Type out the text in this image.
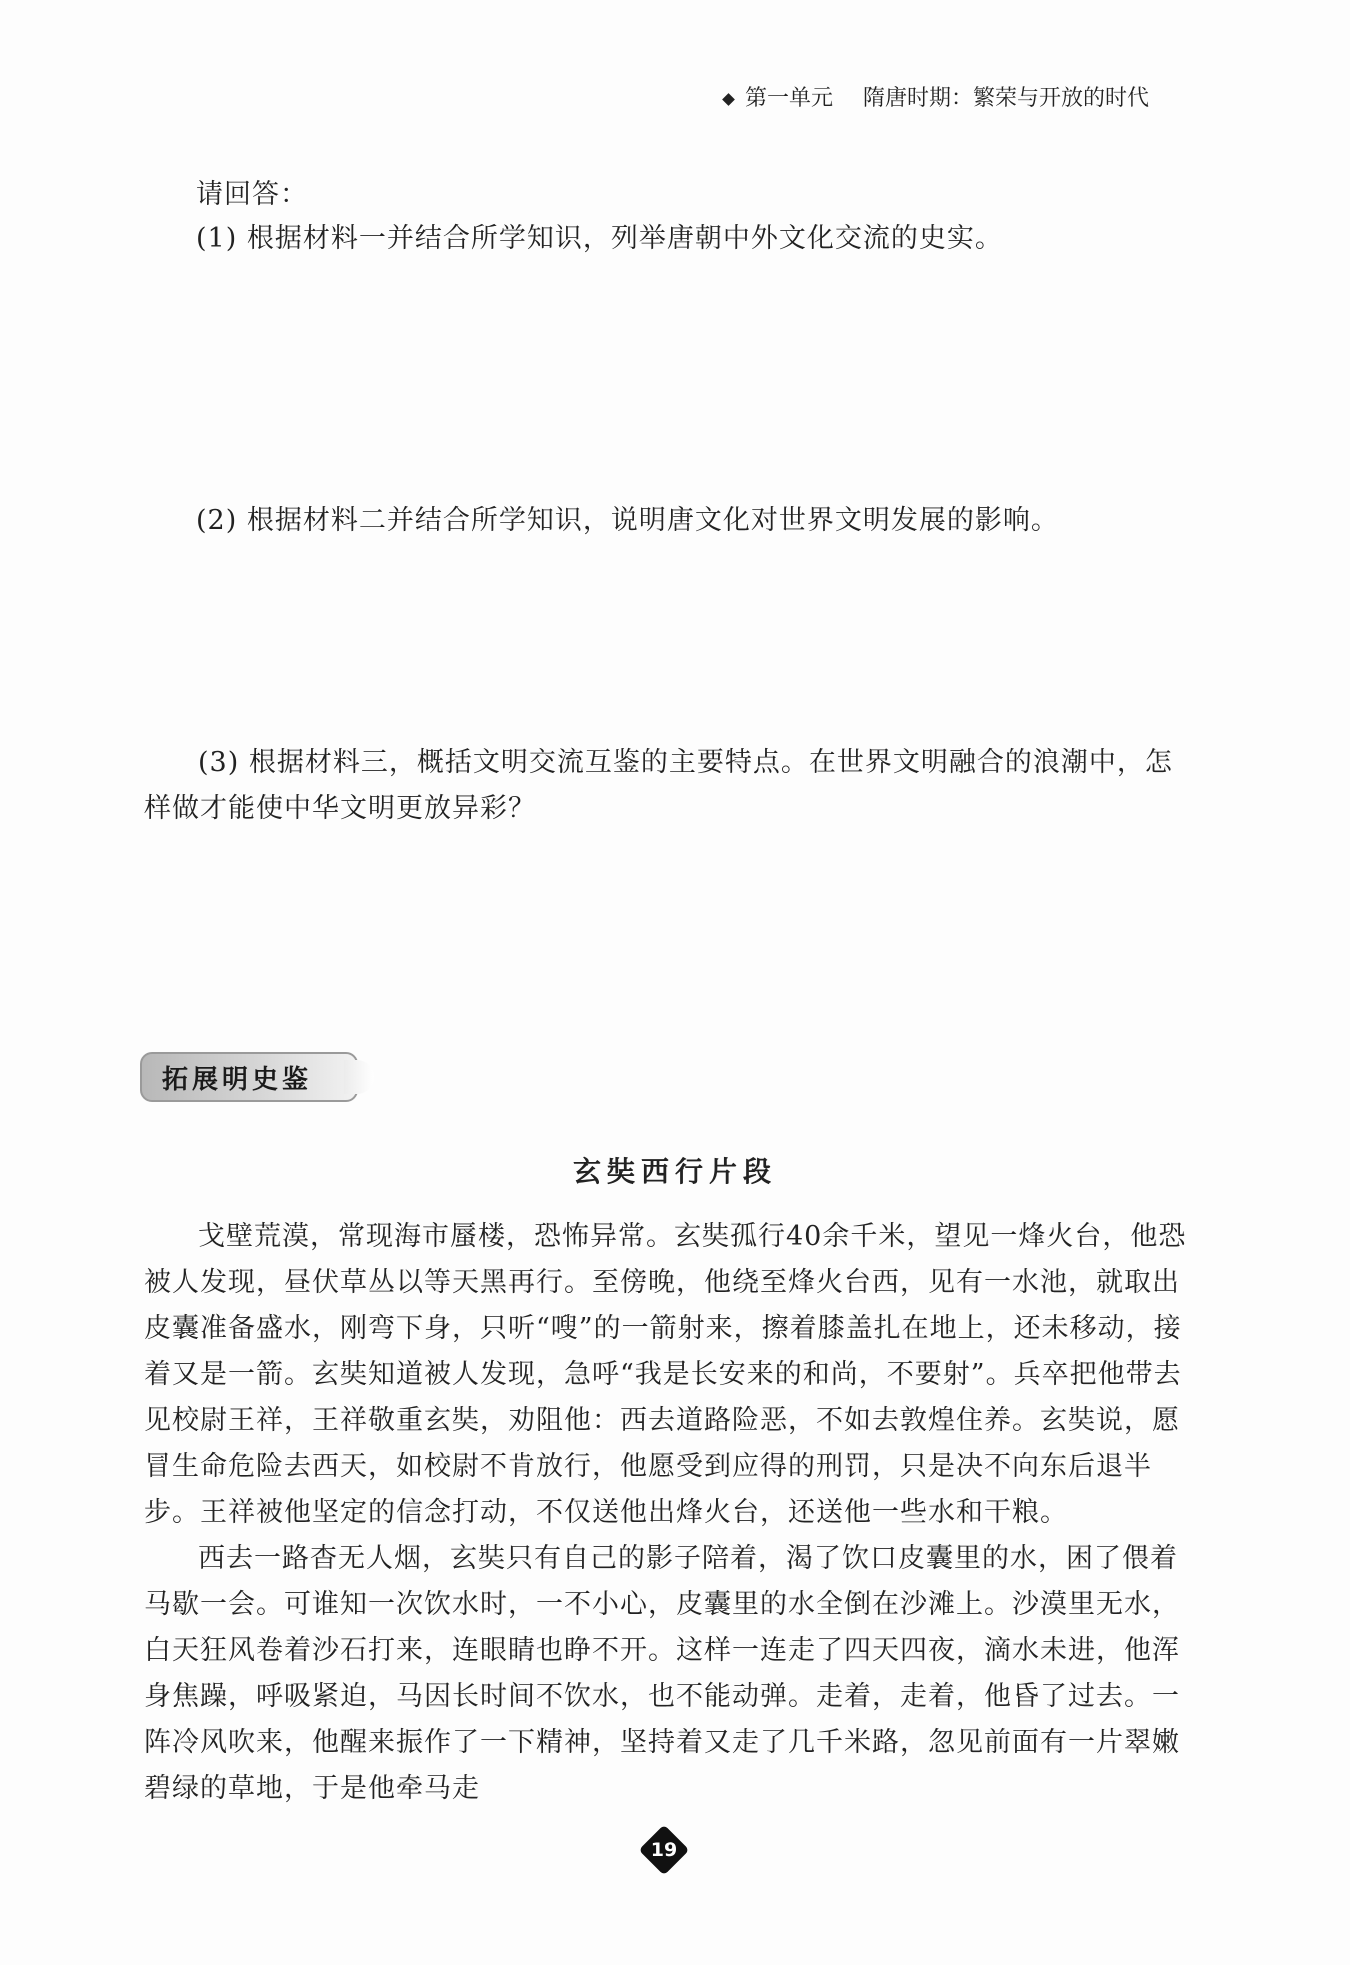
第一单元 隋唐时期：繁荣与开放的时代

请回答：

(1) 根据材料一并结合所学知识，列举唐朝中外文化交流的史实。

(2) 根据材料二并结合所学知识，说明唐文化对世界文明发展的影响。

(3) 根据材料三，概括文明交流互鉴的主要特点。在世界文明融合的浪潮中，怎样做才能使中华文明更放异彩？

拓展明史鉴
玄奘西行片段

戈壁荒漠，常现海市蜃楼，恐怖异常。玄奘孤行40余千米，望见一烽火台，他恐被人发现，昼伏草丛以等天黑再行。至傍晚，他绕至烽火台西，见有一水池，就取出皮囊准备盛水，刚弯下身，只听“嗖”的一箭射来，擦着膝盖扎在地上，还未移动，接着又是一箭。玄奘知道被人发现，急呼“我是长安来的和尚，不要射”。兵卒把他带去见校尉王祥，王祥敬重玄奘，劝阻他：西去道路险恶，不如去敦煌住养。玄奘说，愿冒生命危险去西天，如校尉不肯放行，他愿受到应得的刑罚，只是决不向东后退半步。王祥被他坚定的信念打动，不仅送他出烽火台，还送他一些水和干粮。

西去一路杳无人烟，玄奘只有自己的影子陪着，渴了饮口皮囊里的水，困了偎着马歇一会。可谁知一次饮水时，一不小心，皮囊里的水全倒在沙滩上。沙漠里无水，白天狂风卷着沙石打来，连眼睛也睁不开。这样一连走了四天四夜，滴水未进，他浑身焦躁，呼吸紧迫，马因长时间不饮水，也不能动弹。走着，走着，他昏了过去。一阵冷风吹来，他醒来振作了一下精神，坚持着又走了几千米路，忽见前面有一片翠嫩碧绿的草地，于是他牵马走

19
